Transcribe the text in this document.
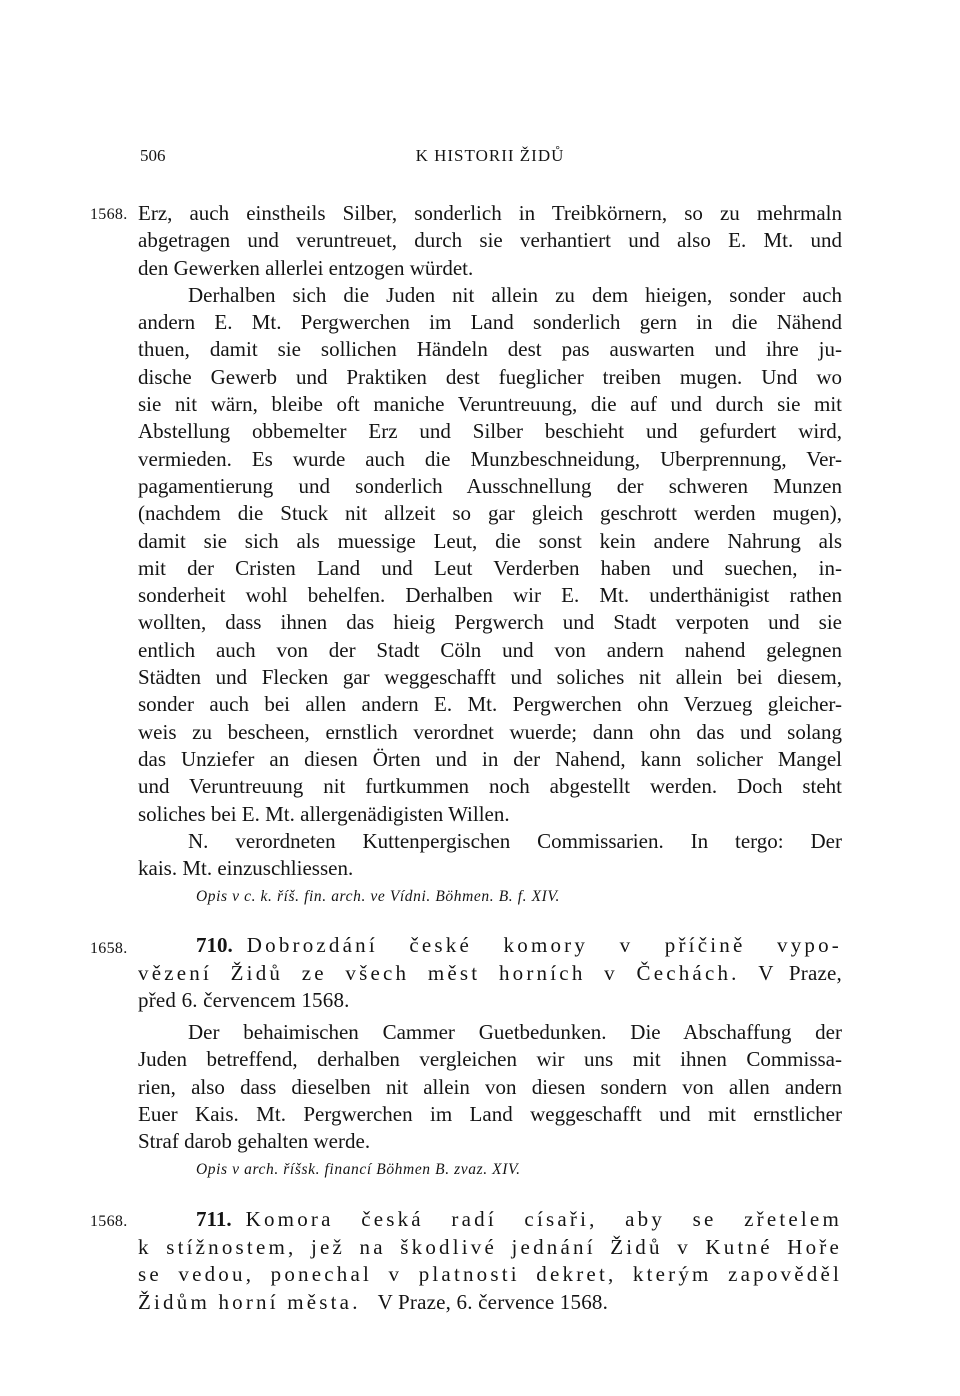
506	K HISTORII ŽIDŮ
1568. Erz, auch einstheils Silber, sonderlich in Treibkörnern, so zu mehrmaln
abgetragen und veruntreuet, durch sie verhantiert und also E. Mt. und
den Gewerken allerlei entzogen würdet.
Derhalben sich die Juden nit allein zu dem hieigen, sonder auch
andern E. Mt. Pergwerchen im Land sonderlich gern in die Nähend
thuen, damit sie sollichen Händeln dest pas auswarten und ihre ju-
dische Gewerb und Praktiken dest fueglicher treiben mugen. Und wo
sie nit wärn, bleibe oft maniche Veruntreuung, die auf und durch sie mit
Abstellung obbemelter Erz und Silber beschieht und gefurdert wird,
vermieden. Es wurde auch die Munzbeschneidung, Uberprennung, Ver-
pagamentierung und sonderlich Ausschnellung der schweren Munzen
(nachdem die Stuck nit allzeit so gar gleich geschrott werden mugen),
damit sie sich als muessige Leut, die sonst kein andere Nahrung als
mit der Cristen Land und Leut Verderben haben und suechen, in-
sonderheit wohl behelfen. Derhalben wir E. Mt. underthänigist rathen
wollten, dass ihnen das hieig Pergwerch und Stadt verpoten und sie
entlich auch von der Stadt Cöln und von andern nahend gelegnen
Städten und Flecken gar weggeschafft und soliches nit allein bei diesem,
sonder auch bei allen andern E. Mt. Pergwerchen ohn Verzueg gleicher-
weis zu bescheen, ernstlich verordnet wuerde; dann ohn das und solang
das Unziefer an diesen Örten und in der Nahend, kann solicher Mangel
und Veruntreuung nit furtkummen noch abgestellt werden. Doch steht
soliches bei E. Mt. allergenädigisten Willen.
N. verordneten Kuttenpergischen Commissarien. In tergo: Der
kais. Mt. einzuschliessen.
Opis v c. k. říš. fin. arch. ve Vídni. Böhmen. B. f. XIV.
1658.	710. Dobrozdání české komory v příčině vypo-
vězení Židů ze všech měst horních v Čechách. V Praze,
před 6. červencem 1568.
Der behaimischen Cammer Guetbedunken. Die Abschaffung der
Juden betreffend, derhalben vergleichen wir uns mit ihnen Commissa-
rien, also dass dieselben nit allein von diesen sondern von allen andern
Euer Kais. Mt. Pergwerchen im Land weggeschafft und mit ernstlicher
Straf darob gehalten werde.
Opis v arch. říšsk. financí Böhmen B. zvaz. XIV.
1568.	711. Komora česká radí císaři, aby se zřetelem
k stížnostem, jež na škodlivé jednání Židů v Kutné Hoře
se vedou, ponechal v platnosti dekret, kterým zapověděl
Židům horní města. V Praze, 6. července 1568.
